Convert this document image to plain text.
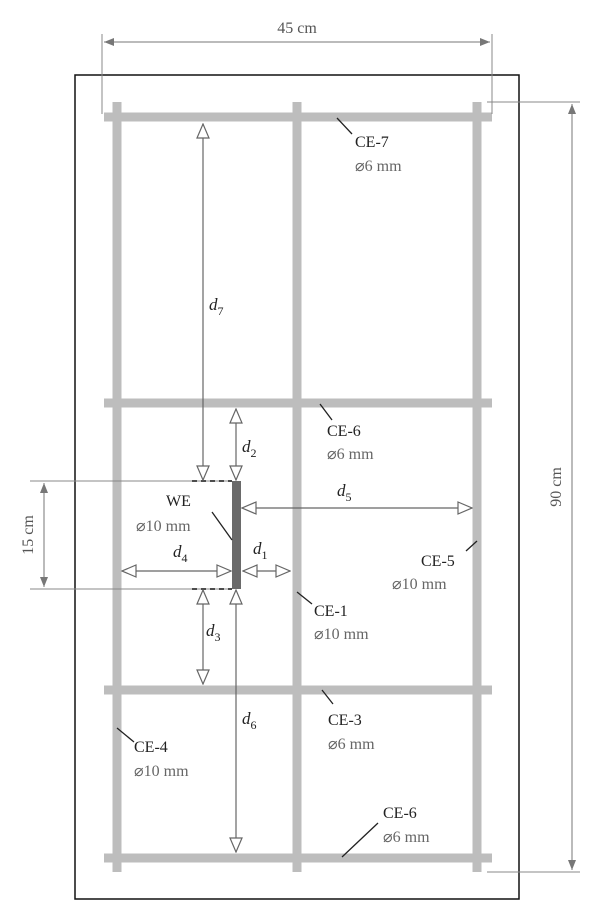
45 cm
90 cm
15 cm
$d_7$
$d_2$
$d_5$
$d_4$	$d_1$
$d_3$
$d_6$
CE-7
⌀6 mm
CE-6
⌀6 mm
WE
⌀10 mm
CE-5
⌀10 mm
CE-1
⌀10 mm
CE-3
⌀6 mm
CE-4
⌀10 mm
CE-6
⌀6 mm
